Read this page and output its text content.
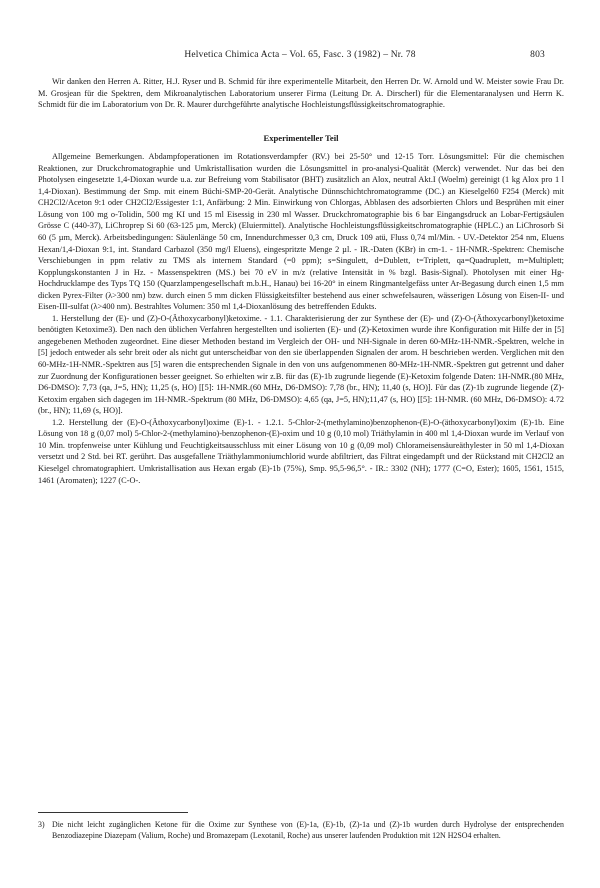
Helvetica Chimica Acta – Vol. 65, Fasc. 3 (1982) – Nr. 78	803

Wir danken den Herren A. Ritter, H.J. Ryser und B. Schmid für ihre experimentelle Mitarbeit, den Herren Dr. W. Arnold und W. Meister sowie Frau Dr. M. Grosjean für die Spektren, dem Mikroanalytischen Laboratorium unserer Firma (Leitung Dr. A. Dirscherl) für die Elementaranalysen und Herrn K. Schmidt für die im Laboratorium von Dr. R. Maurer durchgeführte analytische Hochleistungsflüssigkeitschromatographie.

Experimenteller Teil

Allgemeine Bemerkungen. Abdampfoperationen im Rotationsverdampfer (RV.) bei 25-50° und 12-15 Torr. Lösungsmittel: Für die chemischen Reaktionen, zur Druckchromatographie und Umkristallisation wurden die Lösungsmittel in pro-analysi-Qualität (Merck) verwendet. Nur das bei den Photolysen eingesetzte 1,4-Dioxan wurde u.a. zur Befreiung vom Stabilisator (BHT) zusätzlich an Alox, neutral Akt.I (Woelm) gereinigt (1 kg Alox pro 1 l 1,4-Dioxan). Bestimmung der Smp. mit einem Büchi-SMP-20-Gerät. Analytische Dünnschichtchromatogramme (DC.) an Kieselgel60 F254 (Merck) mit CH2Cl2/Aceton 9:1 oder CH2Cl2/Essigester 1:1, Anfärbung: 2 Min. Einwirkung von Chlorgas, Abblasen des adsorbierten Chlors und Besprühen mit einer Lösung von 100 mg o-Tolidin, 500 mg KI und 15 ml Eisessig in 230 ml Wasser. Druckchromatographie bis 6 bar Eingangsdruck an Lobar-Fertigsäulen Grösse C (440-37), LiChroprep Si 60 (63-125 µm, Merck) (Eluiermittel). Analytische Hochleistungsflüssigkeitschromatographie (HPLC.) an LiChrosorb Si 60 (5 µm, Merck). Arbeitsbedingungen: Säulenlänge 50 cm, Innendurchmesser 0,3 cm, Druck 109 atü, Fluss 0,74 ml/Min. - UV.-Detektor 254 nm, Eluens Hexan/1,4-Dioxan 9:1, int. Standard Carbazol (350 mg/l Eluens), eingespritzte Menge 2 µl. - IR.-Daten (KBr) in cm-1. - 1H-NMR.-Spektren: Chemische Verschiebungen in ppm relativ zu TMS als internem Standard (=0 ppm); s=Singulett, d=Dublett, t=Triplett, qa=Quadruplett, m=Multiplett; Kopplungskonstanten J in Hz. - Massenspektren (MS.) bei 70 eV in m/z (relative Intensität in % bzgl. Basis-Signal). Photolysen mit einer Hg-Hochdrucklampe des Typs TQ 150 (Quarzlampengesellschaft m.b.H., Hanau) bei 16-20° in einem Ringmantelgefäss unter Ar-Begasung durch einen 1,5 mm dicken Pyrex-Filter (λ>300 nm) bzw. durch einen 5 mm dicken Flüssigkeitsfilter bestehend aus einer schwefelsauren, wässerigen Lösung von Eisen-II- und Eisen-III-sulfat (λ>400 nm). Bestrahltes Volumen: 350 ml 1,4-Dioxanlösung des betreffenden Edukts.

1. Herstellung der (E)- und (Z)-O-(Äthoxycarbonyl)ketoxime. - 1.1. Charakterisierung der zur Synthese der (E)- und (Z)-O-(Äthoxycarbonyl)ketoxime benötigten Ketoxime3). Den nach den üblichen Verfahren hergestellten und isolierten (E)- und (Z)-Ketoximen wurde ihre Konfiguration mit Hilfe der in [5] angegebenen Methoden zugeordnet. Eine dieser Methoden bestand im Vergleich der OH- und NH-Signale in deren 60-MHz-1H-NMR.-Spektren, welche in [5] jedoch entweder als sehr breit oder als nicht gut unterscheidbar von den sie überlappenden Signalen der arom. H beschrieben werden. Verglichen mit den 60-MHz-1H-NMR.-Spektren aus [5] waren die entsprechenden Signale in den von uns aufgenommenen 80-MHz-1H-NMR.-Spektren gut getrennt und daher zur Zuordnung der Konfigurationen besser geeignet. So erhielten wir z.B. für das (E)-1b zugrunde liegende (E)-Ketoxim folgende Daten: 1H-NMR.(80 MHz, D6-DMSO): 7,73 (qa, J=5, HN); 11,25 (s, HO) [[5]: 1H-NMR.(60 MHz, D6-DMSO): 7,78 (br., HN); 11,40 (s, HO)]. Für das (Z)-1b zugrunde liegende (Z)-Ketoxim ergaben sich dagegen im 1H-NMR.-Spektrum (80 MHz, D6-DMSO): 4,65 (qa, J=5, HN);11,47 (s, HO) [[5]: 1H-NMR. (60 MHz, D6-DMSO): 4.72 (br., HN); 11,69 (s, HO)].

1.2. Herstellung der (E)-O-(Äthoxycarbonyl)oxime (E)-1. - 1.2.1. 5-Chlor-2-(methylamino)benzophenon-(E)-O-(äthoxycarbonyl)oxim (E)-1b. Eine Lösung von 18 g (0,07 mol) 5-Chlor-2-(methylamino)-benzophenon-(E)-oxim und 10 g (0,10 mol) Triäthylamin in 400 ml 1,4-Dioxan wurde im Verlauf von 10 Min. tropfenweise unter Kühlung und Feuchtigkeitsausschluss mit einer Lösung von 10 g (0,09 mol) Chlorameisensäureäthylester in 50 ml 1,4-Dioxan versetzt und 2 Std. bei RT. gerührt. Das ausgefallene Triäthylammoniumchlorid wurde abfiltriert, das Filtrat eingedampft und der Rückstand mit CH2Cl2 an Kieselgel chromatographiert. Umkristallisation aus Hexan ergab (E)-1b (75%), Smp. 95,5-96,5°. - IR.: 3302 (NH); 1777 (C=O, Ester); 1605, 1561, 1515, 1461 (Aromaten); 1227 (C-O-.

3) Die nicht leicht zugänglichen Ketone für die Oxime zur Synthese von (E)-1a, (E)-1b, (Z)-1a und (Z)-1b wurden durch Hydrolyse der entsprechenden Benzodiazepine Diazepam (Valium, Roche) und Bromazepam (Lexotanil, Roche) aus unserer laufenden Produktion mit 12N H2SO4 erhalten.
